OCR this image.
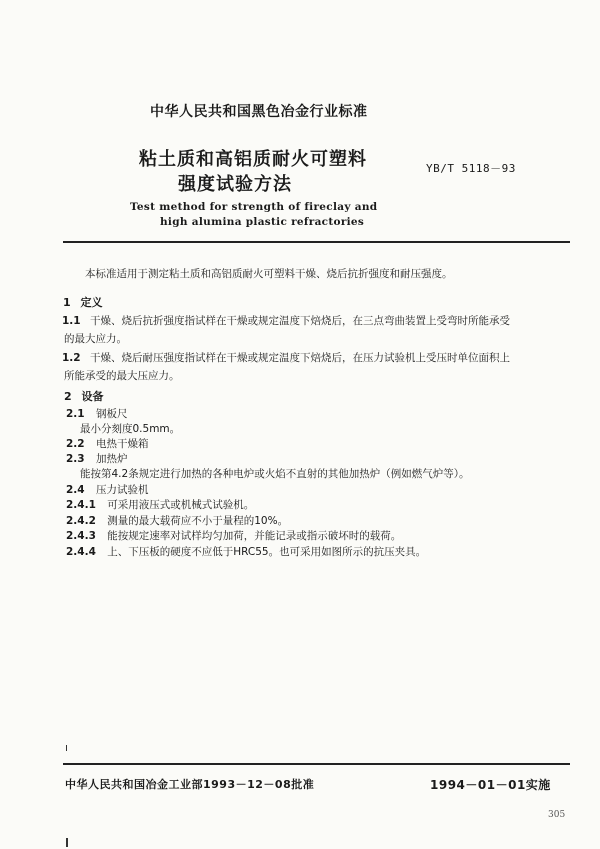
中华人民共和国黑色冶金行业标准
粘土质和高铝质耐火可塑料
强度试验方法
YB/T 5118－93
Test method for strength of fireclay and
high alumina plastic refractories
本标准适用于测定粘土质和高铝质耐火可塑料干燥、烧后抗折强度和耐压强度。
1 定义
1.1 干燥、烧后抗折强度指试样在干燥或规定温度下焙烧后，在三点弯曲装置上受弯时所能承受
的最大应力。
1.2 干燥、烧后耐压强度指试样在干燥或规定温度下焙烧后，在压力试验机上受压时单位面积上
所能承受的最大压应力。
2 设备
2.1 钢板尺
最小分刻度0.5mm。
2.2 电热干燥箱
2.3 加热炉
能按第4.2条规定进行加热的各种电炉或火焰不直射的其他加热炉（例如燃气炉等）。
2.4 压力试验机
2.4.1 可采用液压式或机械式试验机。
2.4.2 测量的最大载荷应不小于量程的10%。
2.4.3 能按规定速率对试样均匀加荷，并能记录或指示破坏时的载荷。
2.4.4 上、下压板的硬度不应低于HRC55。也可采用如图所示的抗压夹具。
中华人民共和国冶金工业部1993－12－08批准	1994－01－01实施
305
